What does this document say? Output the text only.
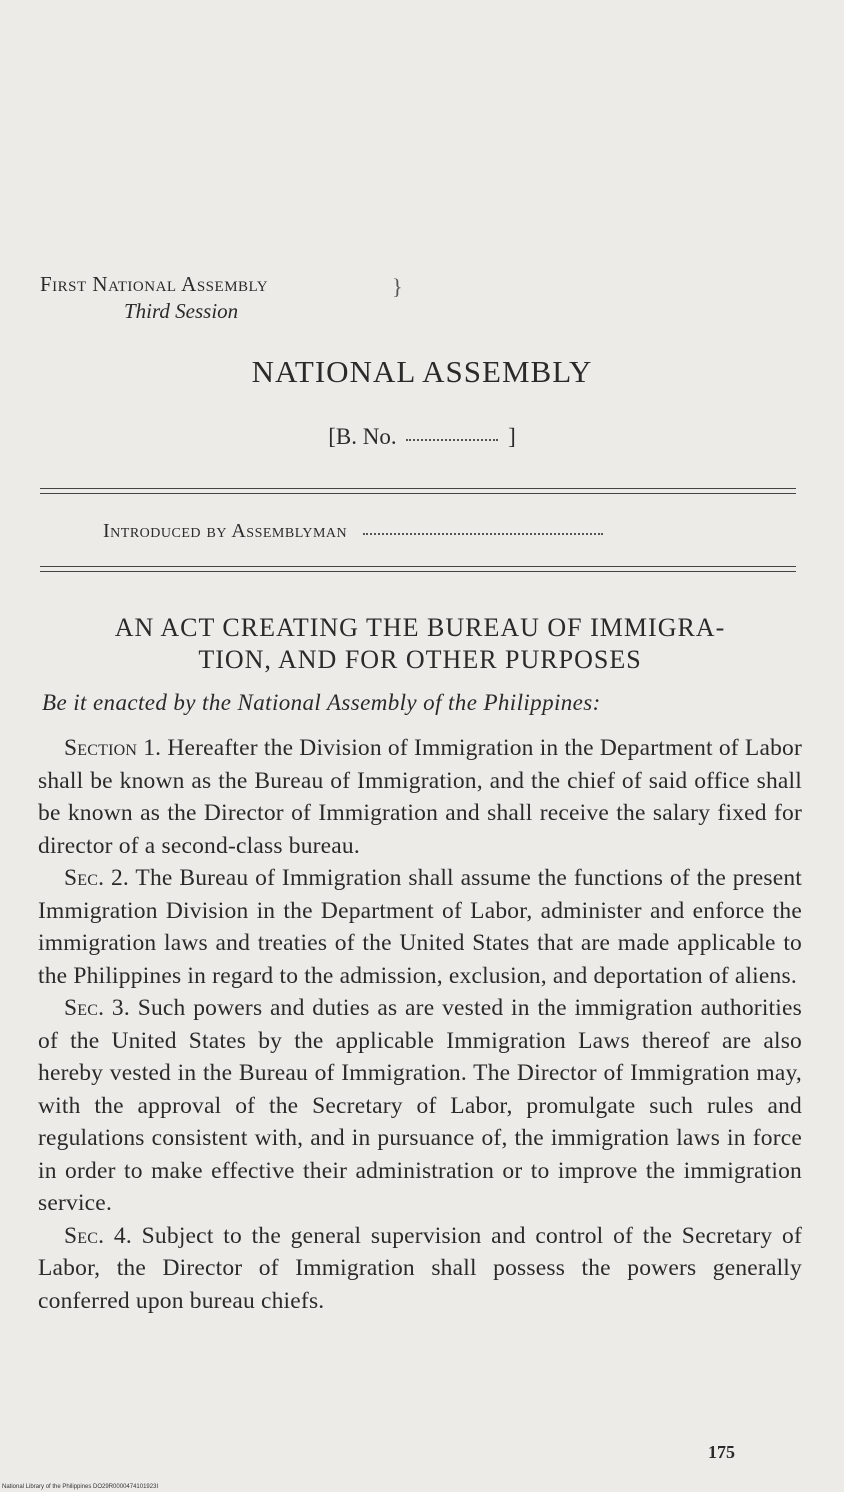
First National Assembly
Third Session
}
NATIONAL ASSEMBLY
[B. No.	]
Introduced by Assemblyman
AN ACT CREATING THE BUREAU OF IMMIGRA-
TION, AND FOR OTHER PURPOSES
Be it enacted by the National Assembly of the Philippines:

Section 1. Hereafter the Division of Immigration in the Department of Labor shall be known as the Bureau of Immigration, and the chief of said office shall be known as the Director of Immigration and shall receive the salary fixed for director of a second-class bureau.

Sec. 2. The Bureau of Immigration shall assume the functions of the present Immigration Division in the Department of Labor, administer and enforce the immigration laws and treaties of the United States that are made applicable to the Philippines in regard to the admission, exclusion, and deportation of aliens.

Sec. 3. Such powers and duties as are vested in the immigration authorities of the United States by the applicable Immigration Laws thereof are also hereby vested in the Bureau of Immigration. The Director of Immigration may, with the approval of the Secretary of Labor, promulgate such rules and regulations consistent with, and in pursuance of, the immigration laws in force in order to make effective their administration or to improve the immigration service.

Sec. 4. Subject to the general supervision and control of the Secretary of Labor, the Director of Immigration shall possess the powers generally conferred upon bureau chiefs.

175
National Library of the Philippines DO29R0000474101923I
